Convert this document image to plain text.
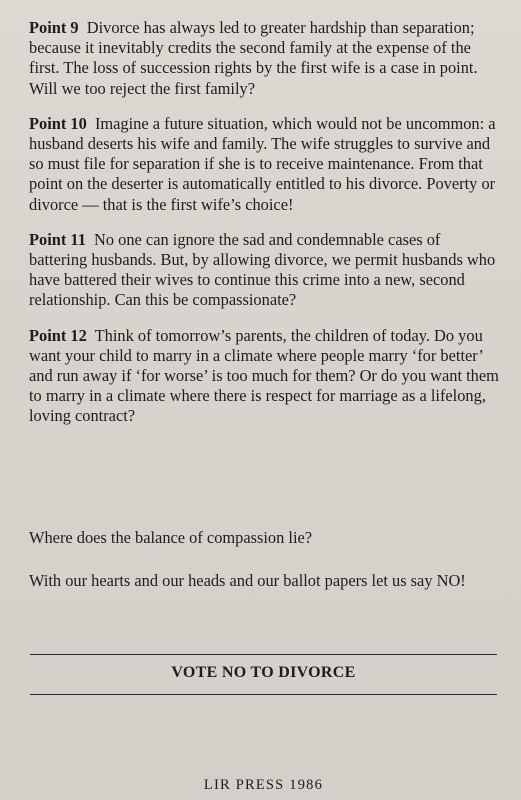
Point 9 Divorce has always led to greater hardship than separation; because it inevitably credits the second family at the expense of the first. The loss of succession rights by the first wife is a case in point. Will we too reject the first family?

Point 10 Imagine a future situation, which would not be uncommon: a husband deserts his wife and family. The wife struggles to survive and so must file for separation if she is to receive maintenance. From that point on the deserter is automatically entitled to his divorce. Poverty or divorce — that is the first wife’s choice!

Point 11 No one can ignore the sad and condemnable cases of battering husbands. But, by allowing divorce, we permit husbands who have battered their wives to continue this crime into a new, second relationship. Can this be compassionate?

Point 12 Think of tomorrow’s parents, the children of today. Do you want your child to marry in a climate where people marry ‘for better’ and run away if ‘for worse’ is too much for them? Or do you want them to marry in a climate where there is respect for marriage as a lifelong, loving contract?

Where does the balance of compassion lie?

With our hearts and our heads and our ballot papers let us say NO!

VOTE NO TO DIVORCE
LIR PRESS 1986
